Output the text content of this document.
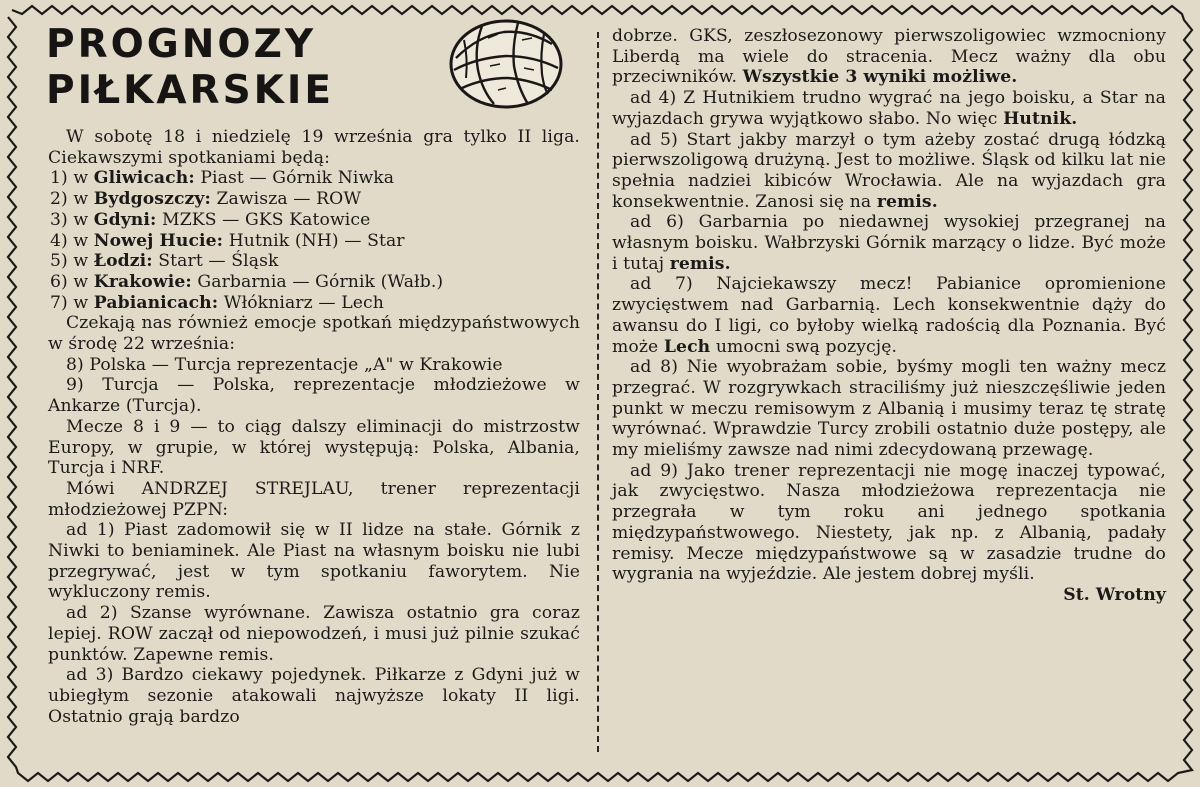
PROGNOZY
PIŁKARSKIE

W sobotę 18 i niedzielę 19 września gra tylko II liga. Ciekawszymi spotkaniami będą:

1) w Gliwicach: Piast — Górnik Niwka

2) w Bydgoszczy: Zawisza — ROW

3) w Gdyni: MZKS — GKS Katowice

4) w Nowej Hucie: Hutnik (NH) — Star

5) w Łodzi: Start — Śląsk

6) w Krakowie: Garbarnia — Górnik (Wałb.)

7) w Pabianicach: Włókniarz — Lech

Czekają nas również emocje spotkań międzypaństwowych w środę 22 września:

8) Polska — Turcja reprezentacje „A" w Krakowie

9) Turcja — Polska, reprezentacje młodzieżowe w Ankarze (Turcja).

Mecze 8 i 9 — to ciąg dalszy eliminacji do mistrzostw Europy, w grupie, w której występują: Polska, Albania, Turcja i NRF.

Mówi ANDRZEJ STREJLAU, trener reprezentacji młodzieżowej PZPN:

ad 1) Piast zadomowił się w II lidze na stałe. Górnik z Niwki to beniaminek. Ale Piast na własnym boisku nie lubi przegrywać, jest w tym spotkaniu faworytem. Nie wykluczony remis.

ad 2) Szanse wyrównane. Zawisza ostatnio gra coraz lepiej. ROW zaczął od niepowodzeń, i musi już pilnie szukać punktów. Zapewne remis.

ad 3) Bardzo ciekawy pojedynek. Piłkarze z Gdyni już w ubiegłym sezonie atakowali najwyższe lokaty II ligi. Ostatnio grają bardzo

dobrze. GKS, zeszłosezonowy pierwszoligowiec wzmocniony Liberdą ma wiele do stracenia. Mecz ważny dla obu przeciwników. Wszystkie 3 wyniki możliwe.

ad 4) Z Hutnikiem trudno wygrać na jego boisku, a Star na wyjazdach grywa wyjątkowo słabo. No więc Hutnik.

ad 5) Start jakby marzył o tym ażeby zostać drugą łódzką pierwszoligową drużyną. Jest to możliwe. Śląsk od kilku lat nie spełnia nadziei kibiców Wrocławia. Ale na wyjazdach gra konsekwentnie. Zanosi się na remis.

ad 6) Garbarnia po niedawnej wysokiej przegranej na własnym boisku. Wałbrzyski Górnik marzący o lidze. Być może i tutaj remis.

ad 7) Najciekawszy mecz! Pabianice opromienione zwycięstwem nad Garbarnią. Lech konsekwentnie dąży do awansu do I ligi, co byłoby wielką radością dla Poznania. Być może Lech umocni swą pozycję.

ad 8) Nie wyobrażam sobie, byśmy mogli ten ważny mecz przegrać. W rozgrywkach straciliśmy już nieszczęśliwie jeden punkt w meczu remisowym z Albanią i musimy teraz tę stratę wyrównać. Wprawdzie Turcy zrobili ostatnio duże postępy, ale my mieliśmy zawsze nad nimi zdecydowaną przewagę.

ad 9) Jako trener reprezentacji nie mogę inaczej typować, jak zwycięstwo. Nasza młodzieżowa reprezentacja nie przegrała w tym roku ani jednego spotkania międzypaństwowego. Niestety, jak np. z Albanią, padały remisy. Mecze międzypaństwowe są w zasadzie trudne do wygrania na wyjeździe. Ale jestem dobrej myśli.

St. Wrotny
